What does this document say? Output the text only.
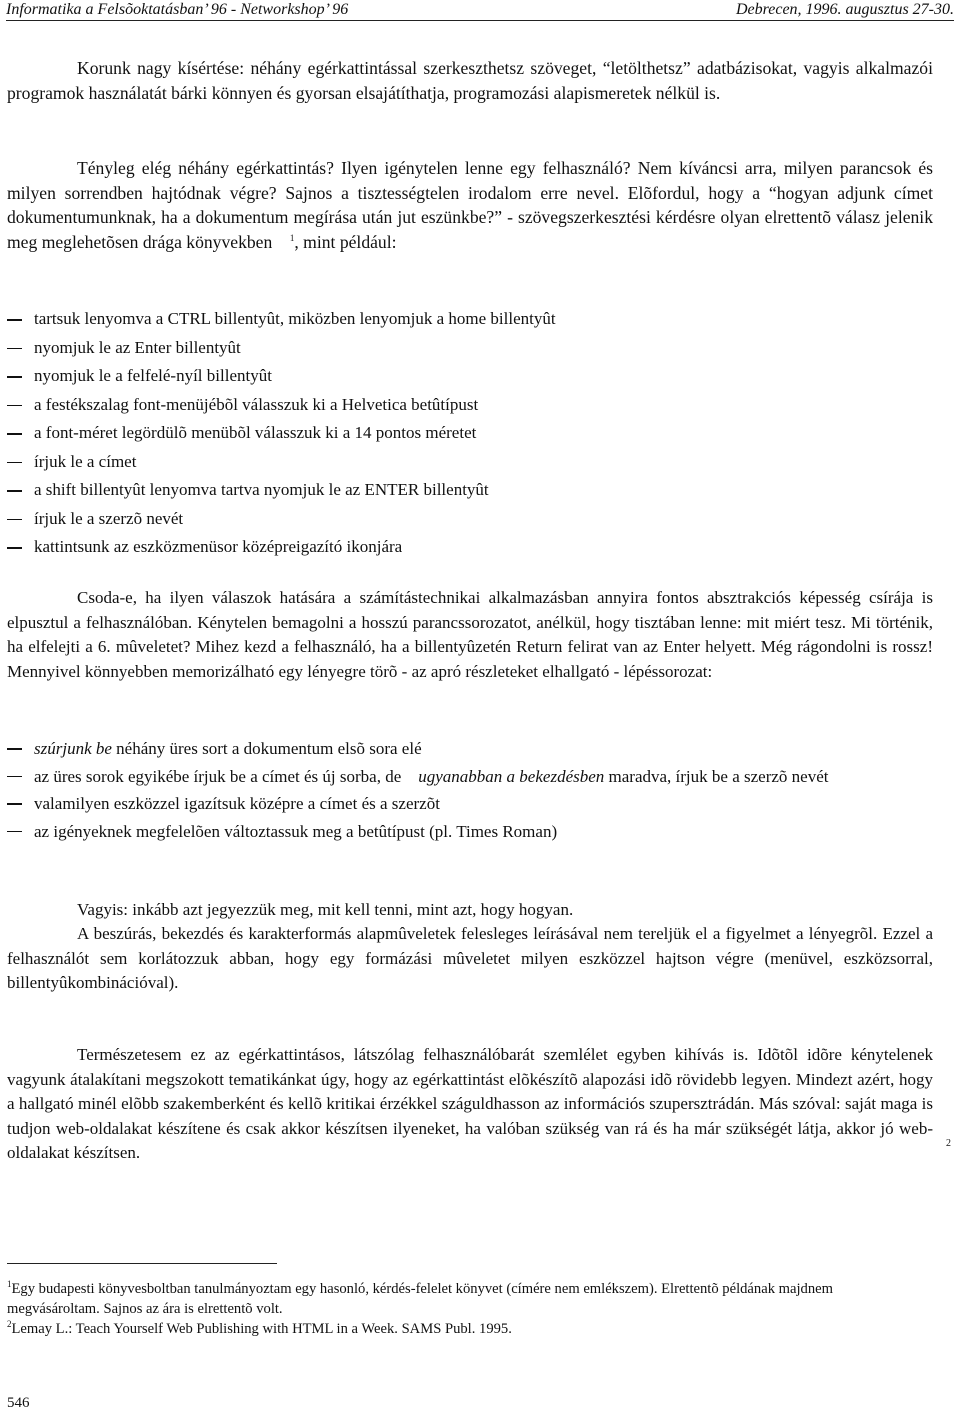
Informatika a Felsõoktatásban’ 96 - Networkshop’ 96	Debrecen, 1996. augusztus 27-30.

Korunk nagy kísértése: néhány egérkattintással szerkeszthetsz szöveget, “letölthetsz” adatbázisokat, vagyis alkalmazói programok használatát bárki könnyen és gyorsan elsajátíthatja, programozási alapismeretek nélkül is.

Tényleg elég néhány egérkattintás? Ilyen igénytelen lenne egy felhasználó? Nem kíváncsi arra, milyen parancsok és milyen sorrendben hajtódnak végre? Sajnos a tisztességtelen irodalom erre nevel. Elõfordul, hogy a “hogyan adjunk címet dokumentumunknak, ha a dokumentum megírása után jut eszünkbe?” - szövegszerkesztési kérdésre olyan elrettentõ válasz jelenik meg meglehetõsen drága könyvekben $^1$, mint például:

tartsuk lenyomva a CTRL billentyût, miközben lenyomjuk a home billentyût
nyomjuk le az Enter billentyût
nyomjuk le a felfelé-nyíl billentyût
a festékszalag font-menüjébõl válasszuk ki a Helvetica betûtípust
a font-méret legördülõ menübõl válasszuk ki a 14 pontos méretet
írjuk le a címet
a shift billentyût lenyomva tartva nyomjuk le az ENTER billentyût
írjuk le a szerzõ nevét
kattintsunk az eszközmenüsor középreigazító ikonjára

Csoda-e, ha ilyen válaszok hatására a számítástechnikai alkalmazásban annyira fontos absztrakciós képesség csírája is elpusztul a felhasználóban. Kénytelen bemagolni a hosszú parancssorozatot, anélkül, hogy tisztában lenne: mit miért tesz. Mi történik, ha elfelejti a 6. mûveletet? Mihez kezd a felhasználó, ha a billentyûzetén Return felirat van az Enter helyett. Még rágondolni is rossz! Mennyivel könnyebben memorizálható egy lényegre törõ - az apró részleteket elhallgató - lépéssorozat:

szúrjunk be néhány üres sort a dokumentum elsõ sora elé
az üres sorok egyikébe írjuk be a címet és új sorba, de    ugyanabban a bekezdésben maradva, írjuk be a szerzõ nevét
valamilyen eszközzel igazítsuk középre a címet és a szerzõt
az igényeknek megfelelõen változtassuk meg a betûtípust (pl. Times Roman)

Vagyis: inkább azt jegyezzük meg, mit kell tenni, mint azt, hogy hogyan.

A beszúrás, bekezdés és karakterformás alapmûveletek felesleges leírásával nem tereljük el a figyelmet a lényegrõl. Ezzel a felhasználót sem korlátozzuk abban, hogy egy formázási mûveletet milyen eszközzel hajtson végre (menüvel, eszközsorral, billentyûkombinációval).

Természetesem ez az egérkattintásos, látszólag felhasználóbarát szemlélet egyben kihívás is. Idõtõl idõre kénytelenek vagyunk átalakítani megszokott tematikánkat úgy, hogy az egérkattintást elõkészítõ alapozási idõ rövidebb legyen. Mindezt azért, hogy a hallgató minél elõbb szakemberként és kellõ kritikai érzékkel száguldhasson az információs szupersztrádán. Más szóval: saját maga is tudjon web-oldalakat készítene és csak akkor készítsen ilyeneket, ha valóban szükség van rá és ha már szükségét látja, akkor jó web-oldalakat készítsen.	2

$^1$Egy budapesti könyvesboltban tanulmányoztam egy hasonló, kérdés-felelet könyvet (címére nem emlékszem). Elrettentõ példának majdnem megvásároltam. Sajnos az ára is elrettentõ volt.

$^2$Lemay L.: Teach Yourself Web Publishing with HTML in a Week. SAMS Publ. 1995.

546
